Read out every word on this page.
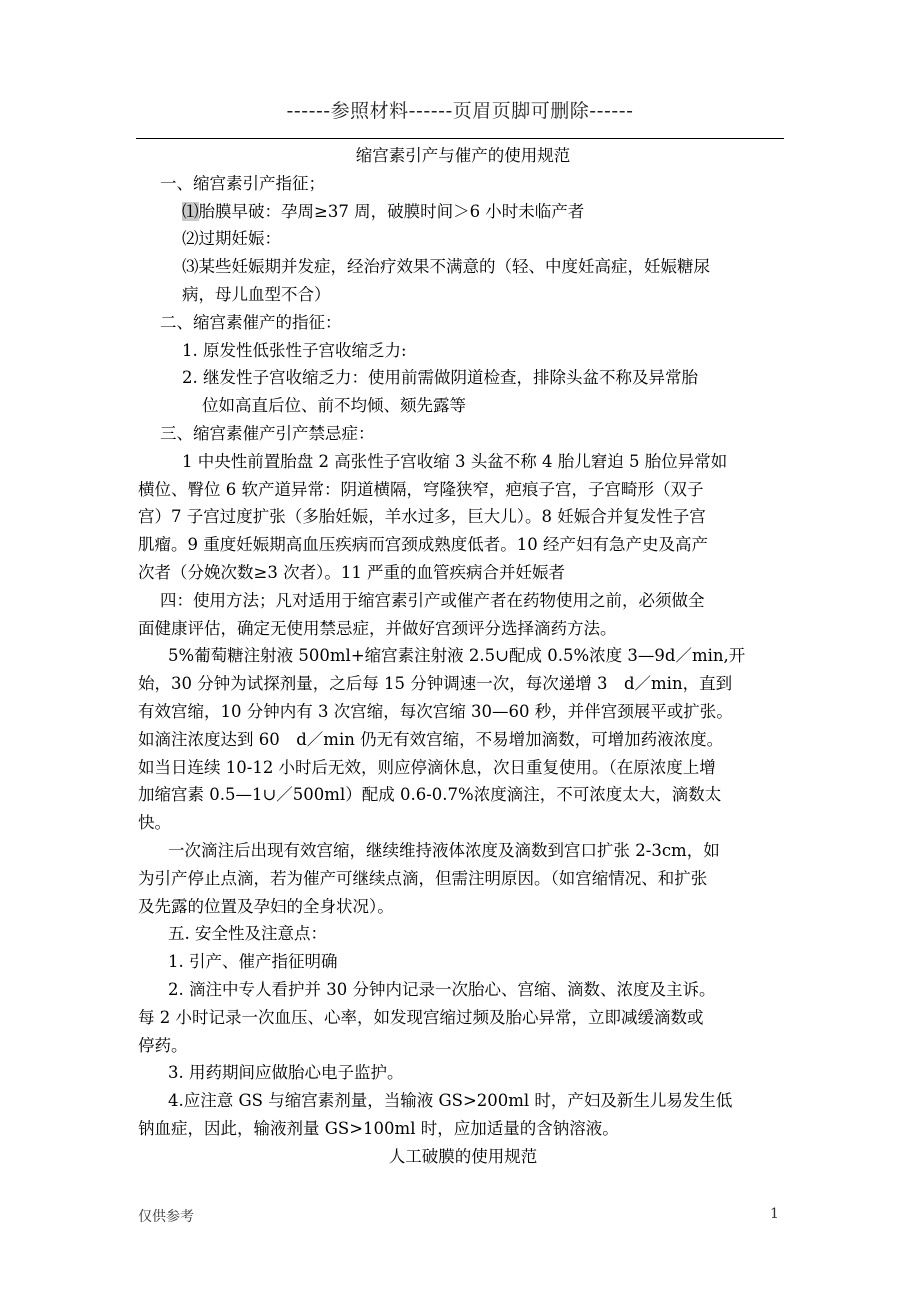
------参照材料------页眉页脚可删除------
缩宫素引产与催产的使用规范
一、缩宫素引产指征；
⑴胎膜早破：孕周≥37 周，破膜时间＞6 小时未临产者
⑵过期妊娠：
⑶某些妊娠期并发症，经治疗效果不满意的（轻、中度妊高症，妊娠糖尿
病，母儿血型不合）
二、缩宫素催产的指征：
1. 原发性低张性子宫收缩乏力:
2. 继发性子宫收缩乏力：使用前需做阴道检查，排除头盆不称及异常胎
位如高直后位、前不均倾、颏先露等
三、缩宫素催产引产禁忌症：
1 中央性前置胎盘 2 高张性子宫收缩 3 头盆不称 4 胎儿窘迫 5 胎位异常如
横位、臀位 6 软产道异常：阴道横隔，穹隆狭窄，疤痕子宫，子宫畸形（双子
宫）7 子宫过度扩张（多胎妊娠，羊水过多，巨大儿）。8 妊娠合并复发性子宫
肌瘤。9 重度妊娠期高血压疾病而宫颈成熟度低者。10 经产妇有急产史及高产
次者（分娩次数≥3 次者）。11 严重的血管疾病合并妊娠者
四：使用方法；凡对适用于缩宫素引产或催产者在药物使用之前，必须做全
面健康评估，确定无使用禁忌症，并做好宫颈评分选择滴药方法。
5%葡萄糖注射液 500ml+缩宫素注射液 2.5∪配成 0.5%浓度 3—9d／min,开
始，30 分钟为试探剂量，之后每 15 分钟调速一次，每次递增 3　d／min，直到
有效宫缩，10 分钟内有 3 次宫缩，每次宫缩 30—60 秒，并伴宫颈展平或扩张。
如滴注浓度达到 60　d／min 仍无有效宫缩，不易增加滴数，可增加药液浓度。
如当日连续 10-12 小时后无效，则应停滴休息，次日重复使用。（在原浓度上增
加缩宫素 0.5—1∪／500ml）配成 0.6-0.7%浓度滴注，不可浓度太大，滴数太
快。
一次滴注后出现有效宫缩，继续维持液体浓度及滴数到宫口扩张 2-3cm，如
为引产停止点滴，若为催产可继续点滴，但需注明原因。（如宫缩情况、和扩张
及先露的位置及孕妇的全身状况）。
五. 安全性及注意点：
1. 引产、催产指征明确
2. 滴注中专人看护并 30 分钟内记录一次胎心、宫缩、滴数、浓度及主诉。
每 2 小时记录一次血压、心率，如发现宫缩过频及胎心异常，立即减缓滴数或
停药。
3. 用药期间应做胎心电子监护。
4.应注意 GS 与缩宫素剂量，当输液 GS>200ml 时，产妇及新生儿易发生低
钠血症，因此，输液剂量 GS>100ml 时，应加适量的含钠溶液。
人工破膜的使用规范
仅供参考	1
